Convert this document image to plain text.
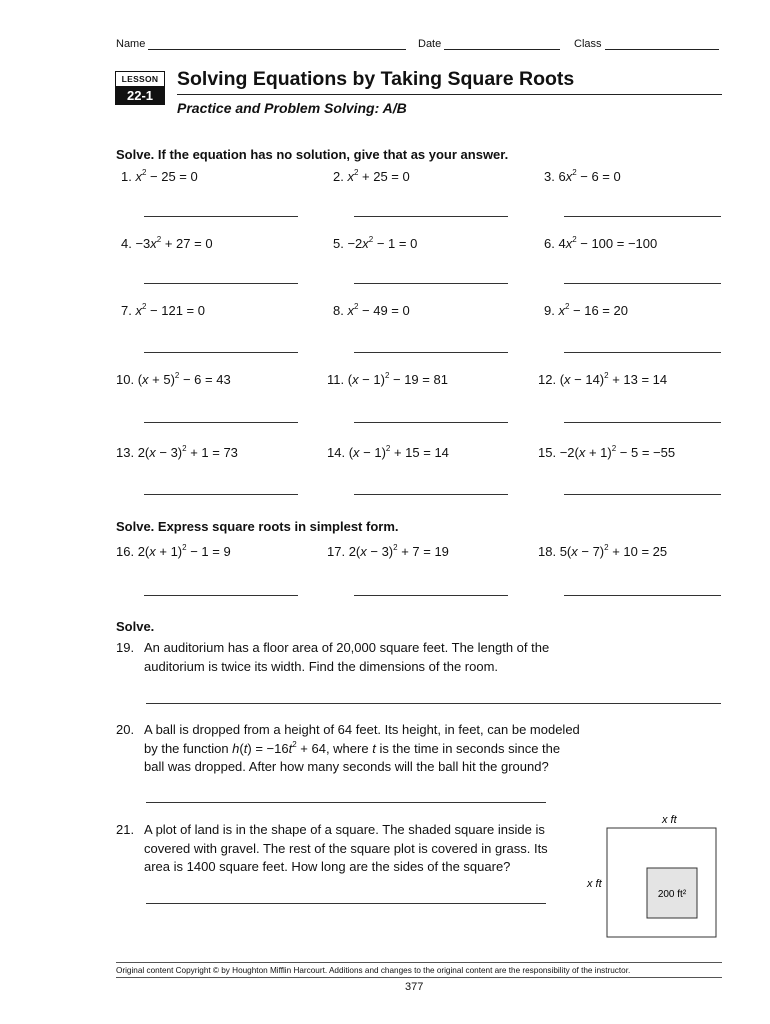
Name	Date	Class
LESSON
22-1
Solving Equations by Taking Square Roots
Practice and Problem Solving: A/B
Solve. If the equation has no solution, give that as your answer.
1. $x^2 - 25 = 0$	2. $x^2 + 25 = 0$	3. $6x^2 - 6 = 0$
4. $-3x^2 + 27 = 0$	5. $-2x^2 - 1 = 0$	6. $4x^2 - 100 = -100$
7. $x^2 - 121 = 0$	8. $x^2 - 49 = 0$	9. $x^2 - 16 = 20$
10. $(x + 5)^2 - 6 = 43$	11. $(x - 1)^2 - 19 = 81$	12. $(x - 14)^2 + 13 = 14$
13. $2(x - 3)^2 + 1 = 73$	14. $(x - 1)^2 + 15 = 14$	15. $-2(x + 1)^2 - 5 = -55$
Solve. Express square roots in simplest form.
16. $2(x + 1)^2 - 1 = 9$	17. $2(x - 3)^2 + 7 = 19$	18. $5(x - 7)^2 + 10 = 25$
Solve.
19. An auditorium has a floor area of 20,000 square feet. The length of the
auditorium is twice its width. Find the dimensions of the room.
20. A ball is dropped from a height of 64 feet. Its height, in feet, can be modeled
by the function $h(t) = -16t^2 + 64$, where t is the time in seconds since the
ball was dropped. After how many seconds will the ball hit the ground?
21. A plot of land is in the shape of a square. The shaded square inside is
covered with gravel. The rest of the square plot is covered in grass. Its
area is 1400 square feet. How long are the sides of the square?
x ft
x ft
200 ft²
Original content Copyright © by Houghton Mifflin Harcourt. Additions and changes to the original content are the responsibility of the instructor.
377
